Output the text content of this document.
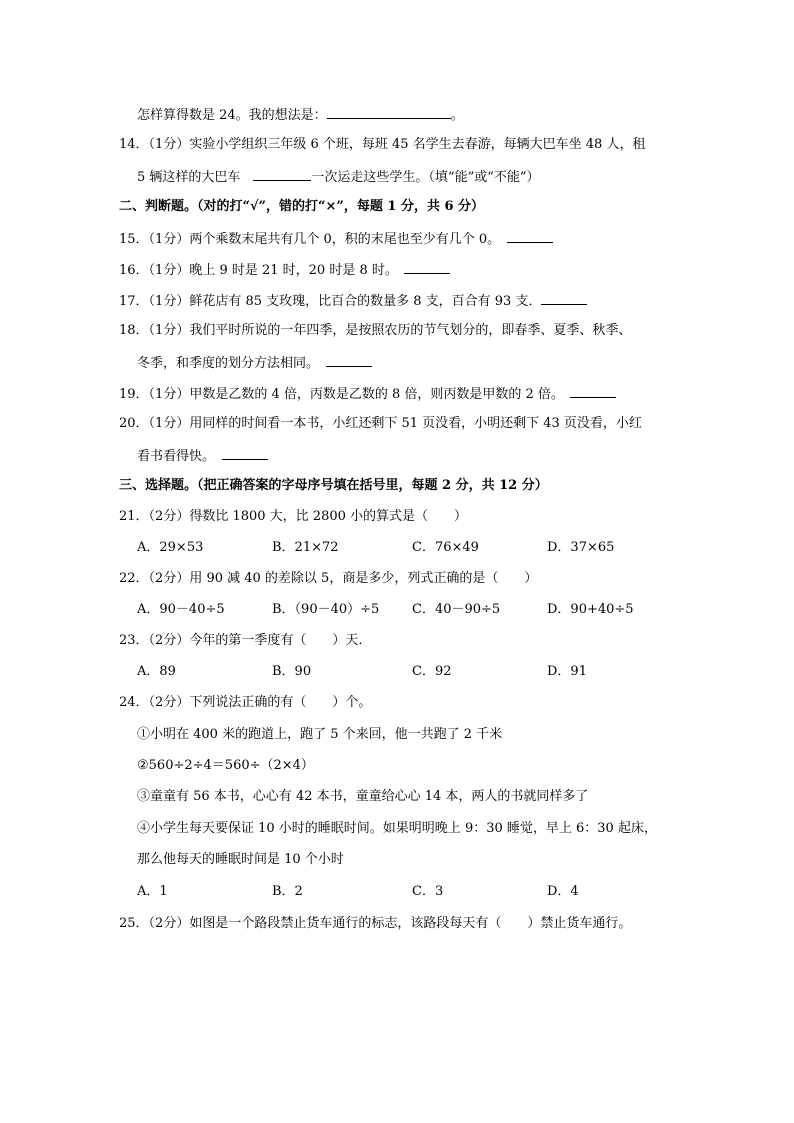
怎样算得数是 24。我的想法是：	。
14．（1分）实验小学组织三年级 6 个班，每班 45 名学生去春游，每辆大巴车坐 48 人，租
5 辆这样的大巴车　	一次运走这些学生。（填“能”或“不能”）
二、判断题。（对的打“√”，错的打“×”，每题 1 分，共 6 分）
15．（1分）两个乘数末尾共有几个 0，积的末尾也至少有几个 0。　
16．（1分）晚上 9 时是 21 时，20 时是 8 时。　
17．（1分）鲜花店有 85 支玫瑰，比百合的数量多 8 支，百合有 93 支．
18．（1分）我们平时所说的一年四季，是按照农历的节气划分的，即春季、夏季、秋季、
冬季，和季度的划分方法相同。　
19．（1分）甲数是乙数的 4 倍，丙数是乙数的 8 倍，则丙数是甲数的 2 倍。　
20．（1分）用同样的时间看一本书，小红还剩下 51 页没看，小明还剩下 43 页没看，小红
看书看得快。　
三、选择题。（把正确答案的字母序号填在括号里，每题 2 分，共 12 分）
21．（2分）得数比 1800 大，比 2800 小的算式是（　　）
A．29×53	B．21×72	C．76×49	D．37×65
22．（2分）用 90 减 40 的差除以 5，商是多少，列式正确的是（　　）
A．90－40÷5	B．（90－40）÷5	C．40－90÷5	D．90+40÷5
23．（2分）今年的第一季度有（　　）天．
A．89	B．90	C．92	D．91
24．（2分）下列说法正确的有（　　）个。
①小明在 400 米的跑道上，跑了 5 个来回，他一共跑了 2 千米
②560÷2÷4＝560÷（2×4）
③童童有 56 本书，心心有 42 本书，童童给心心 14 本，两人的书就同样多了
④小学生每天要保证 10 小时的睡眠时间。如果明明晚上 9：30 睡觉，早上 6：30 起床，
那么他每天的睡眠时间是 10 个小时
A．1	B．2	C．3	D．4
25．（2分）如图是一个路段禁止货车通行的标志，该路段每天有（　　）禁止货车通行。
